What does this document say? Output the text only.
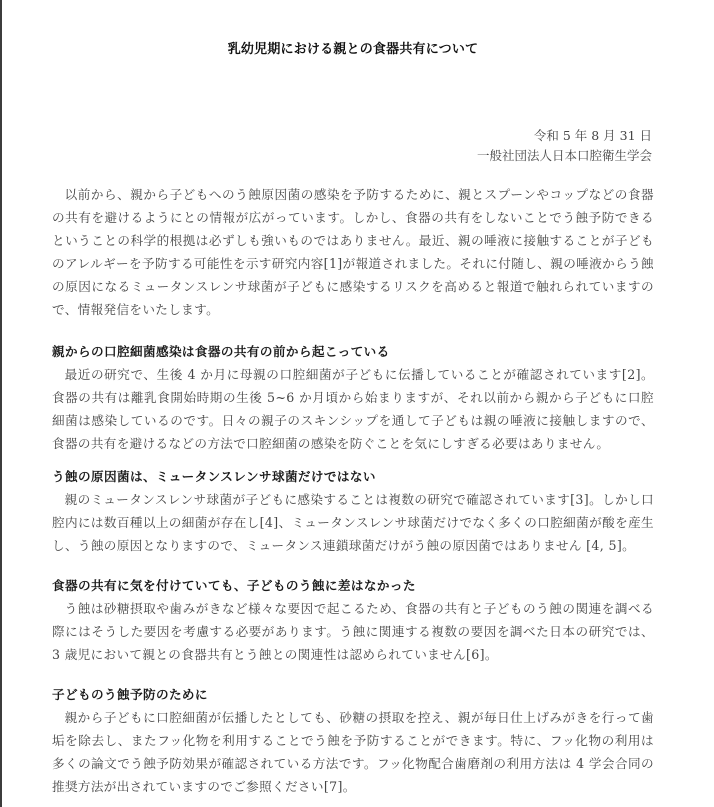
乳幼児期における親との食器共有について
令和 5 年 8 月 31 日
一般社団法人日本口腔衛生学会

以前から、親から子どもへのう蝕原因菌の感染を予防するために、親とスプーンやコップなどの食器の共有を避けるようにとの情報が広がっています。しかし、食器の共有をしないことでう蝕予防できるということの科学的根拠は必ずしも強いものではありません。最近、親の唾液に接触することが子どものアレルギーを予防する可能性を示す研究内容[1]が報道されました。それに付随し、親の唾液からう蝕の原因になるミュータンスレンサ球菌が子どもに感染するリスクを高めると報道で触れられていますので、情報発信をいたします。

親からの口腔細菌感染は食器の共有の前から起こっている

最近の研究で、生後 4 か月に母親の口腔細菌が子どもに伝播していることが確認されています[2]。食器の共有は離乳食開始時期の生後 5~6 か月頃から始まりますが、それ以前から親から子どもに口腔細菌は感染しているのです。日々の親子のスキンシップを通して子どもは親の唾液に接触しますので、食器の共有を避けるなどの方法で口腔細菌の感染を防ぐことを気にしすぎる必要はありません。

う蝕の原因菌は、ミュータンスレンサ球菌だけではない

親のミュータンスレンサ球菌が子どもに感染することは複数の研究で確認されています[3]。しかし口腔内には数百種以上の細菌が存在し[4]、ミュータンスレンサ球菌だけでなく多くの口腔細菌が酸を産生し、う蝕の原因となりますので、ミュータンス連鎖球菌だけがう蝕の原因菌ではありません [4, 5]。

食器の共有に気を付けていても、子どものう蝕に差はなかった

う蝕は砂糖摂取や歯みがきなど様々な要因で起こるため、食器の共有と子どものう蝕の関連を調べる際にはそうした要因を考慮する必要があります。う蝕に関連する複数の要因を調べた日本の研究では、3 歳児において親との食器共有とう蝕との関連性は認められていません[6]。

子どものう蝕予防のために

親から子どもに口腔細菌が伝播したとしても、砂糖の摂取を控え、親が毎日仕上げみがきを行って歯垢を除去し、またフッ化物を利用することでう蝕を予防することができます。特に、フッ化物の利用は多くの論文でう蝕予防効果が確認されている方法です。フッ化物配合歯磨剤の利用方法は 4 学会合同の推奨方法が出されていますのでご参照ください[7]。
